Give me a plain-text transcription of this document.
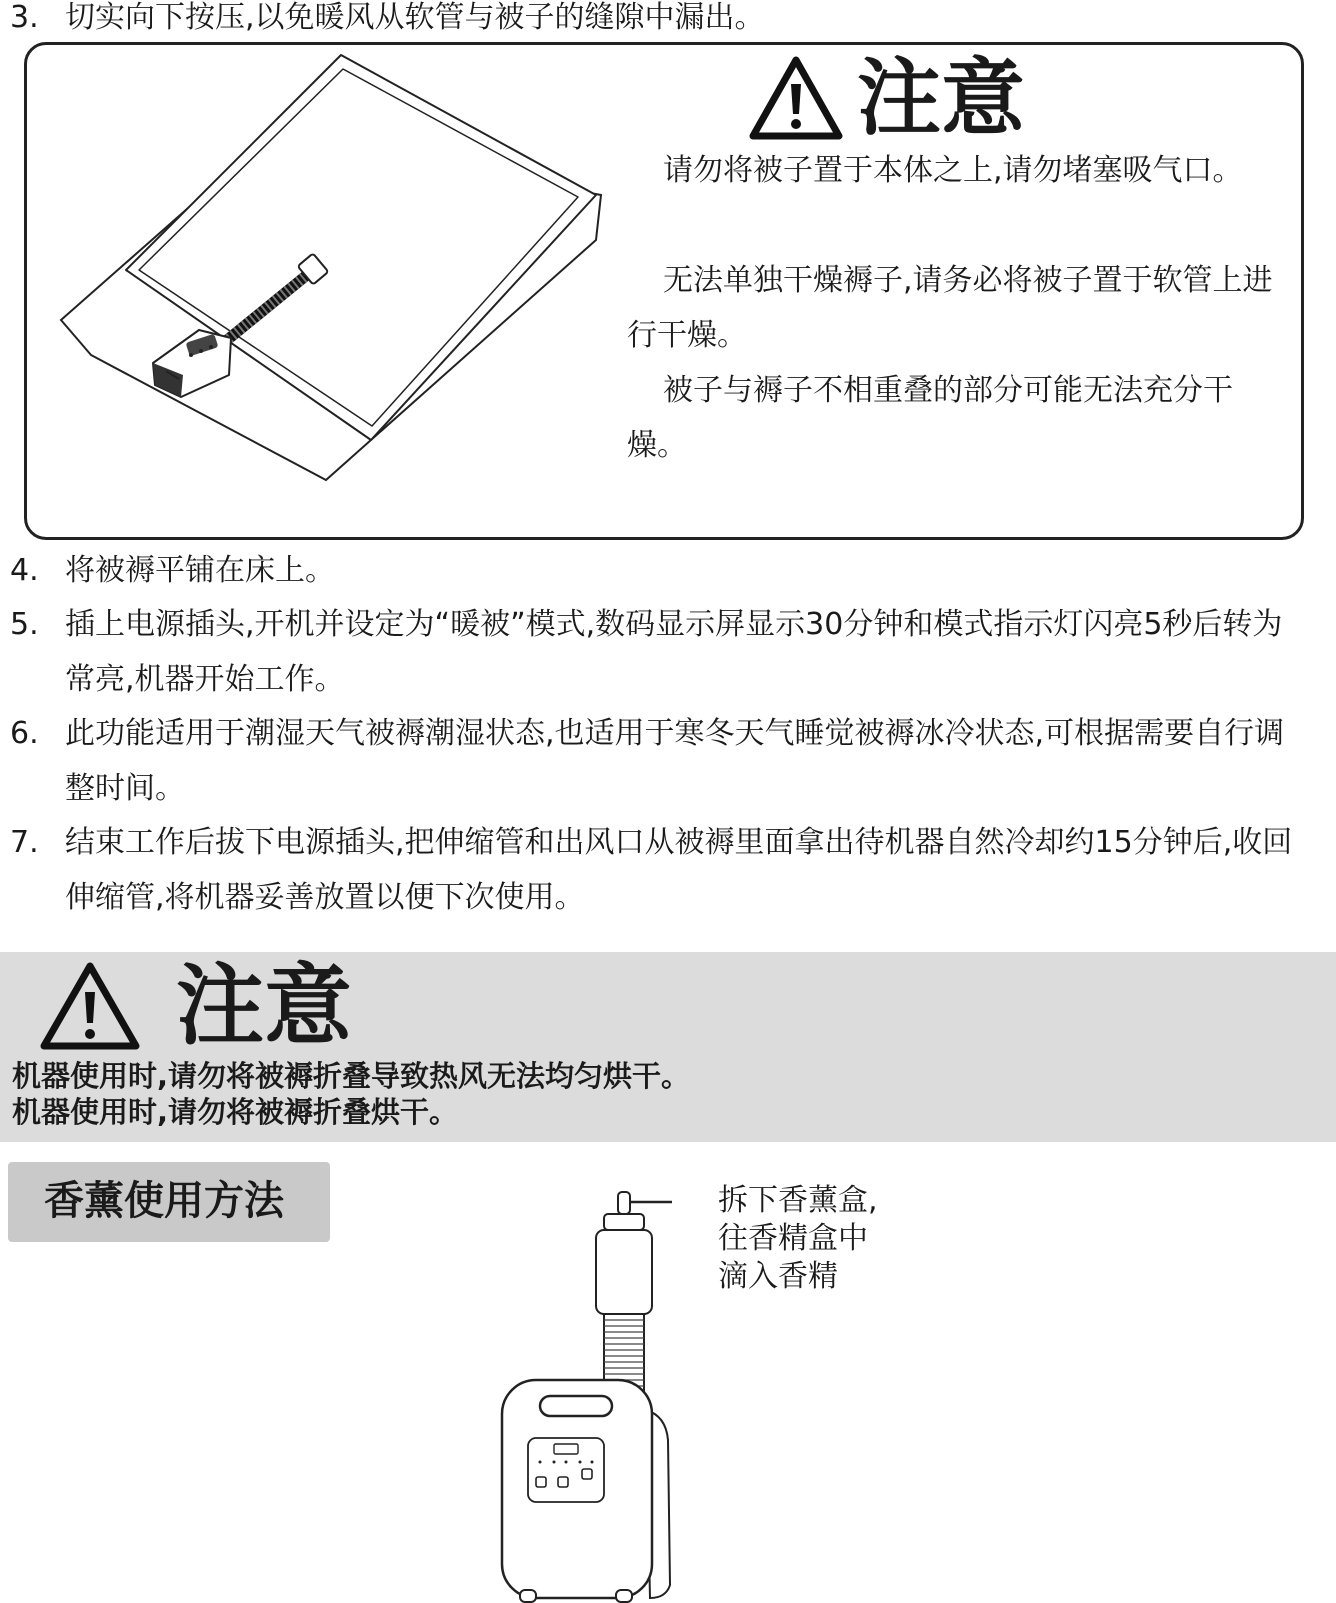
3. 切实向下按压,以免暖风从软管与被子的缝隙中漏出。
注意
请勿将被子置于本体之上,请勿堵塞吸气口。
无法单独干燥褥子,请务必将被子置于软管上进行干燥。
被子与褥子不相重叠的部分可能无法充分干燥。
4. 将被褥平铺在床上。
5. 插上电源插头,开机并设定为“暖被”模式,数码显示屏显示30分钟和模式指示灯闪亮5秒后转为常亮,机器开始工作。
6. 此功能适用于潮湿天气被褥潮湿状态,也适用于寒冬天气睡觉被褥冰冷状态,可根据需要自行调整时间。
7. 结束工作后拔下电源插头,把伸缩管和出风口从被褥里面拿出待机器自然冷却约15分钟后,收回伸缩管,将机器妥善放置以便下次使用。
注意
机器使用时,请勿将被褥折叠导致热风无法均匀烘干。
机器使用时,请勿将被褥折叠烘干。
香薰使用方法	拆下香薰盒,
往香精盒中
滴入香精
